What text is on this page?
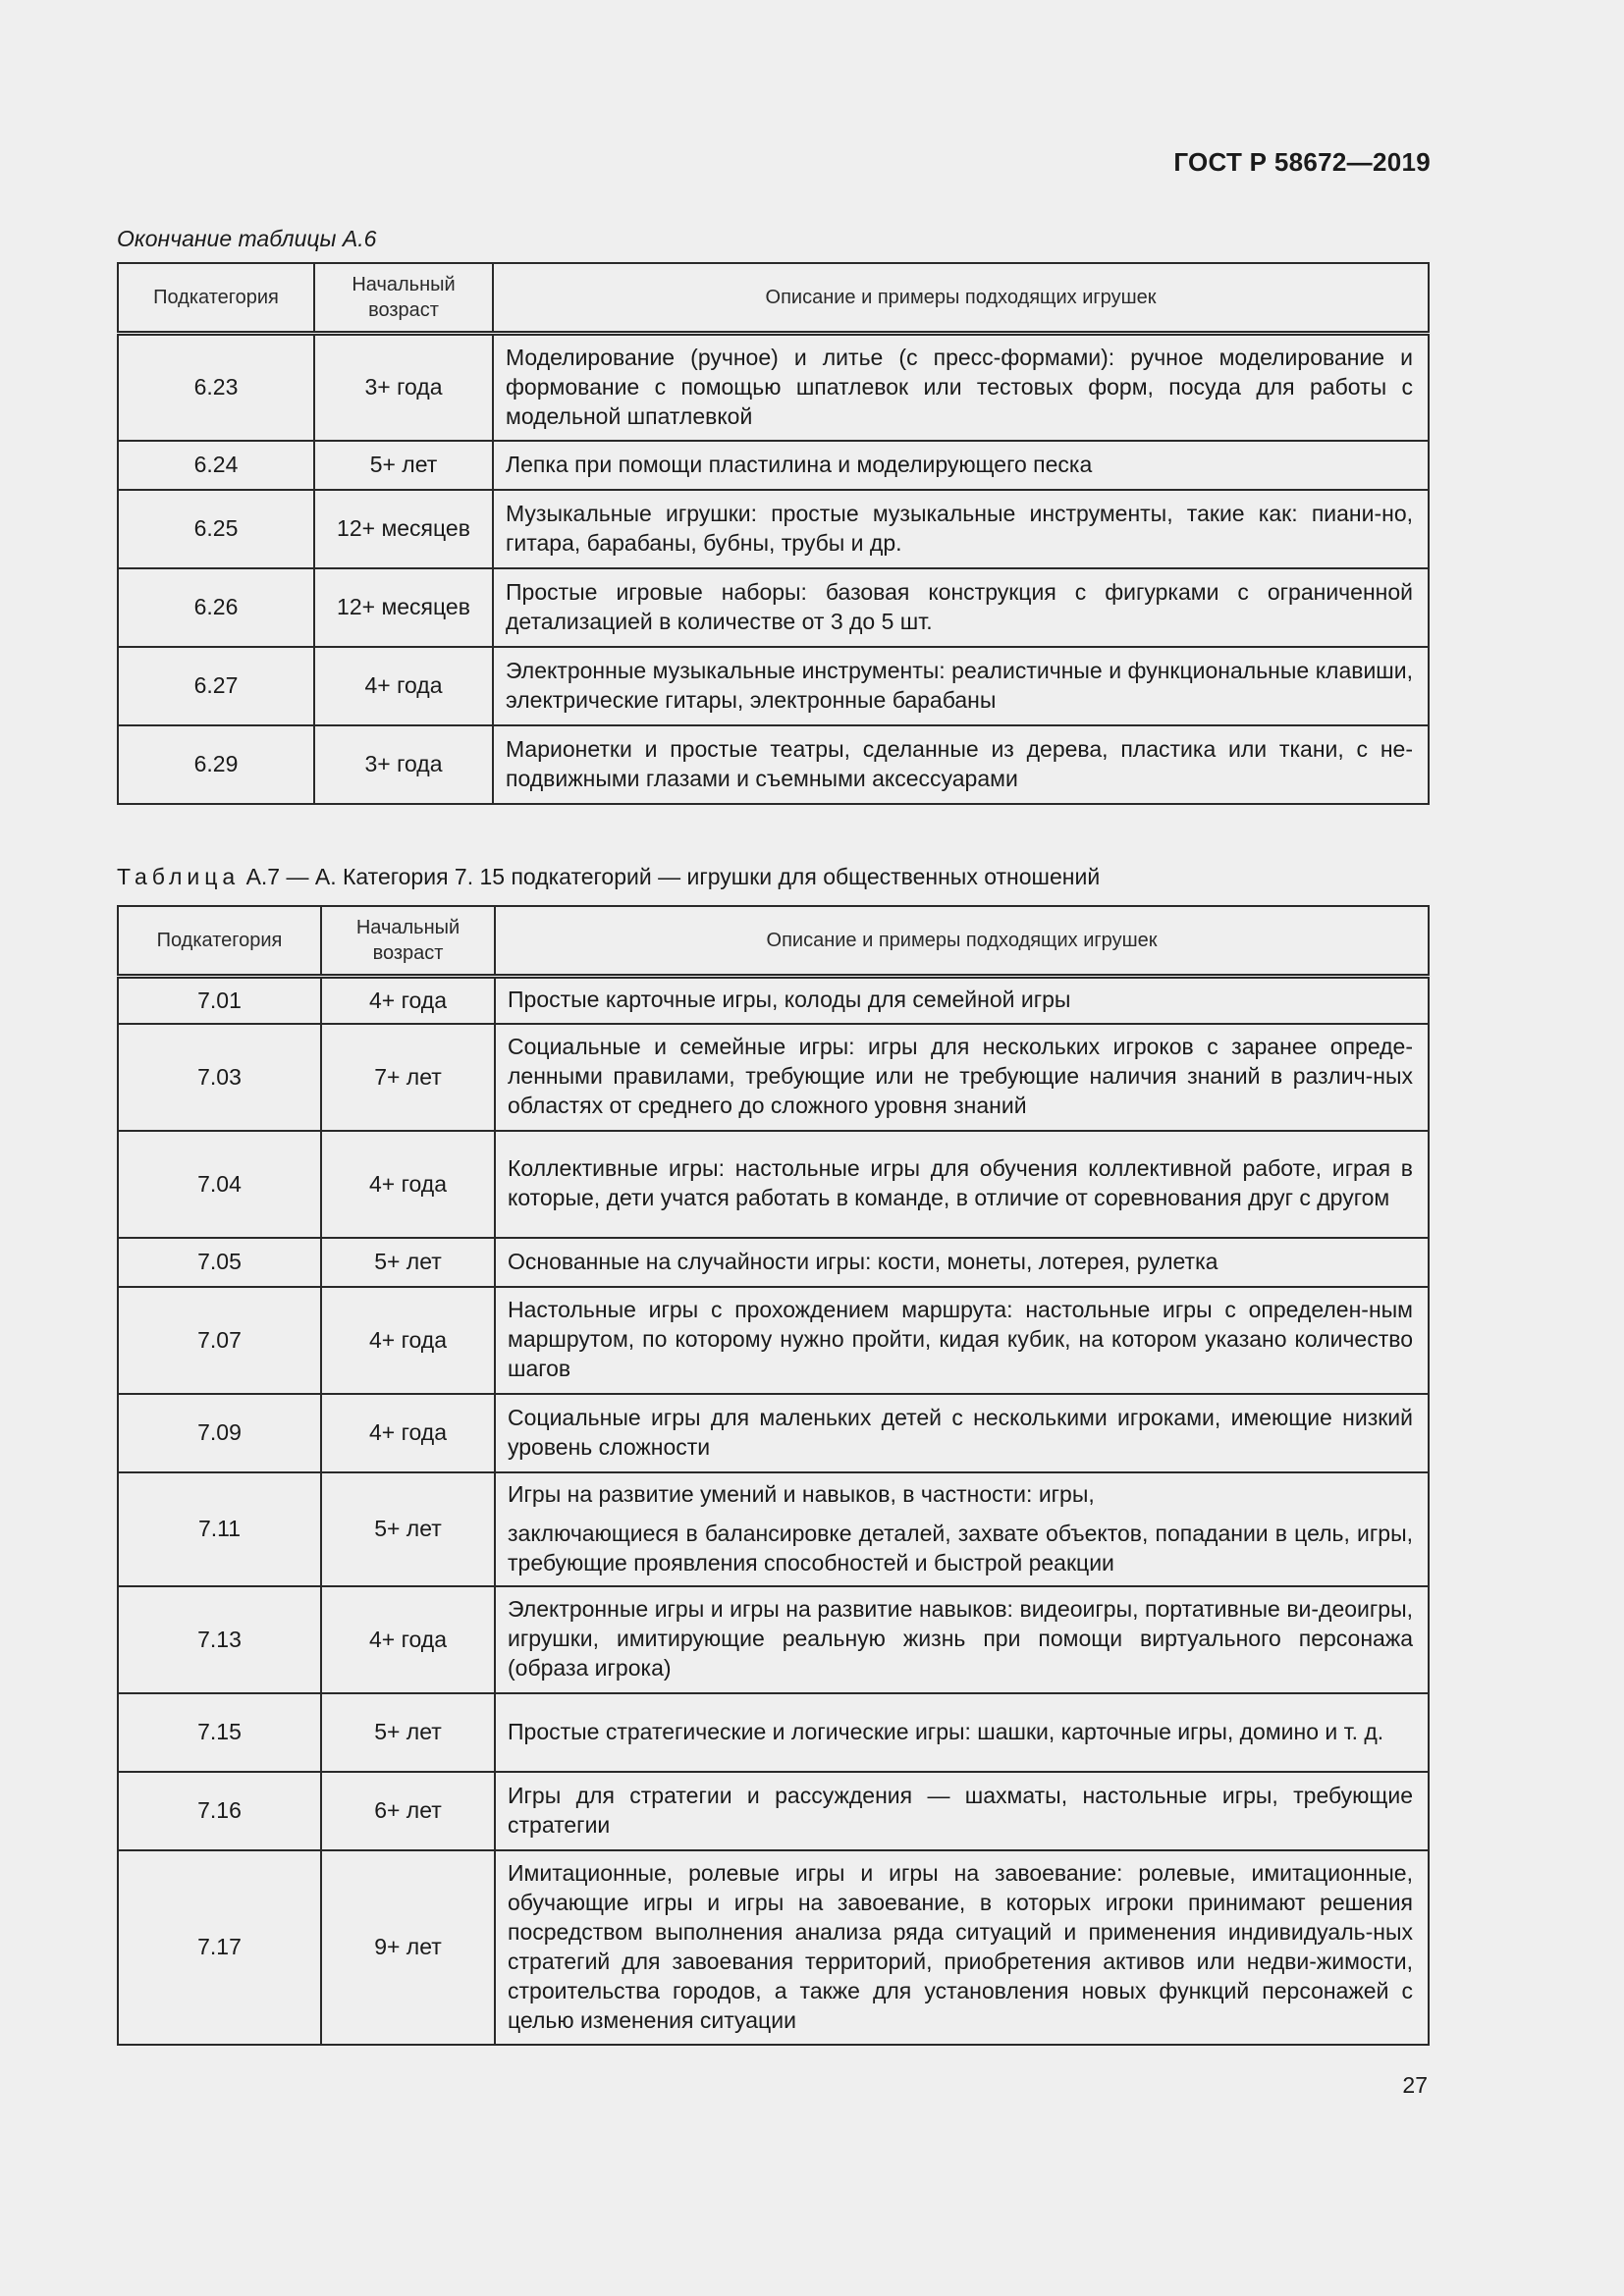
ГОСТ Р 58672—2019
Окончание таблицы А.6
Подкатегория	Начальный возраст	Описание и примеры подходящих игрушек
6.23	3+ года	Моделирование (ручное) и литье (с пресс-формами): ручное моделирование и формование с помощью шпатлевок или тестовых форм, посуда для работы с модельной шпатлевкой
6.24	5+ лет	Лепка при помощи пластилина и моделирующего песка
6.25	12+ месяцев	Музыкальные игрушки: простые музыкальные инструменты, такие как: пиани-но, гитара, барабаны, бубны, трубы и др.
6.26	12+ месяцев	Простые игровые наборы: базовая конструкция с фигурками с ограниченной детализацией в количестве от 3 до 5 шт.
6.27	4+ года	Электронные музыкальные инструменты: реалистичные и функциональные клавиши, электрические гитары, электронные барабаны
6.29	3+ года	Марионетки и простые театры, сделанные из дерева, пластика или ткани, с не-подвижными глазами и съемными аксессуарами
Таблица А.7 — А. Категория 7. 15 подкатегорий — игрушки для общественных отношений
Подкатегория	Начальный возраст	Описание и примеры подходящих игрушек
7.01	4+ года	Простые карточные игры, колоды для семейной игры
7.03	7+ лет	Социальные и семейные игры: игры для нескольких игроков с заранее опреде-ленными правилами, требующие или не требующие наличия знаний в различ-ных областях от среднего до сложного уровня знаний
7.04	4+ года	Коллективные игры: настольные игры для обучения коллективной работе, играя в которые, дети учатся работать в команде, в отличие от соревнования друг с другом
7.05	5+ лет	Основанные на случайности игры: кости, монеты, лотерея, рулетка
7.07	4+ года	Настольные игры с прохождением маршрута: настольные игры с определен-ным маршрутом, по которому нужно пройти, кидая кубик, на котором указано количество шагов
7.09	4+ года	Социальные игры для маленьких детей с несколькими игроками, имеющие низкий уровень сложности
7.11	5+ лет	Игры на развитие умений и навыков, в частности: игры,
заключающиеся в балансировке деталей, захвате объектов, попадании в цель, игры, требующие проявления способностей и быстрой реакции
7.13	4+ года	Электронные игры и игры на развитие навыков: видеоигры, портативные ви-деоигры, игрушки, имитирующие реальную жизнь при помощи виртуального персонажа (образа игрока)
7.15	5+ лет	Простые стратегические и логические игры: шашки, карточные игры, домино и т. д.
7.16	6+ лет	Игры для стратегии и рассуждения — шахматы, настольные игры, требующие стратегии
7.17	9+ лет	Имитационные, ролевые игры и игры на завоевание: ролевые, имитационные, обучающие игры и игры на завоевание, в которых игроки принимают решения посредством выполнения анализа ряда ситуаций и применения индивидуаль-ных стратегий для завоевания территорий, приобретения активов или недви-жимости, строительства городов, а также для установления новых функций персонажей с целью изменения ситуации
27
